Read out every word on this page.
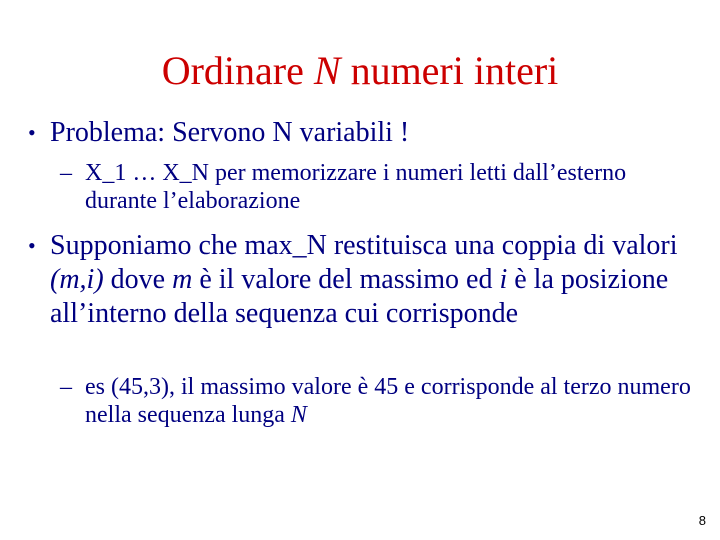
Ordinare N numeri interi
• Problema: Servono N variabili !
– X_1 … X_N per memorizzare i numeri letti dall’esterno durante l’elaborazione
• Supponiamo che max_N restituisca una coppia di valori (m,i) dove m è il valore del massimo ed i è la posizione all’interno della sequenza cui corrisponde
– es (45,3), il massimo valore è 45 e corrisponde al terzo numero nella sequenza lunga N
8
